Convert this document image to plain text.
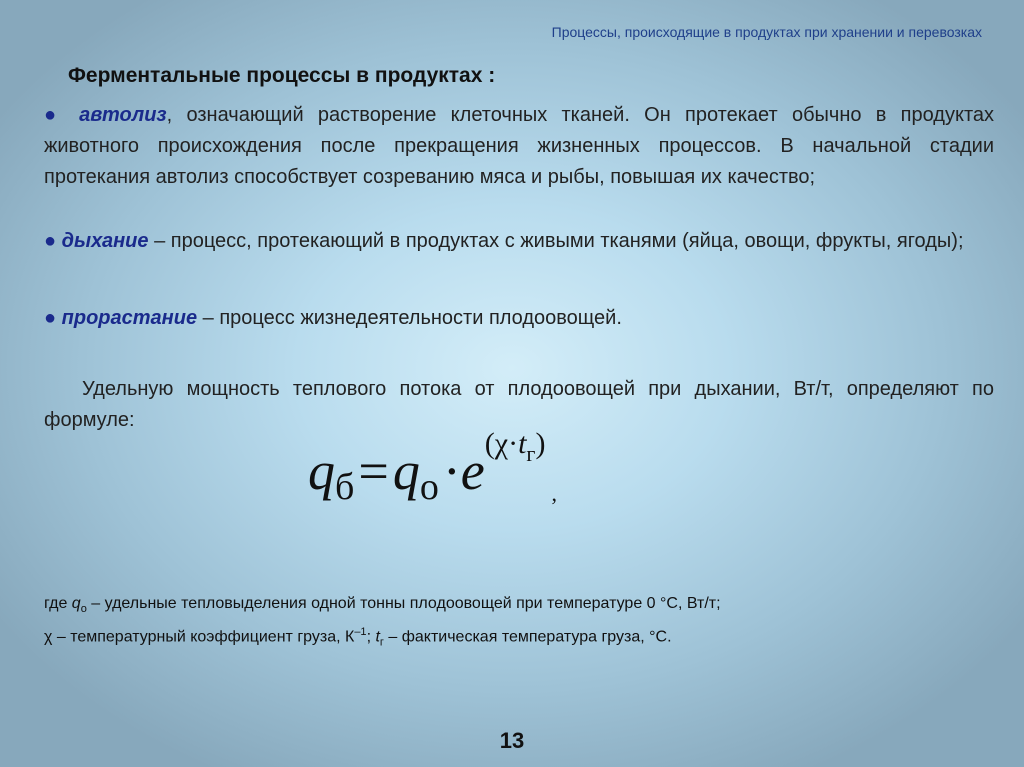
Процессы, происходящие в продуктах при хранении и перевозках
Ферментальные процессы в продуктах :
● автолиз, означающий растворение клеточных тканей. Он протекает обычно в продуктах животного происхождения после прекращения жизненных процессов. В начальной стадии протекания автолиз способствует созреванию мяса и рыбы, повышая их качество;
● дыхание – процесс, протекающий в продуктах с живыми тканями (яйца, овощи, фрукты, ягоды);
● прорастание – процесс жизнедеятельности плодоовощей.
Удельную мощность теплового потока от плодоовощей при дыхании, Вт/т, определяют по формуле:
qб = qо $\cdot e(\chi\cdot t_г)$,
где $q_о$ – удельные тепловыделения одной тонны плодоовощей при температуре 0 °С, Вт/т;
χ – температурный коэффициент груза, $К^{-1}$; $t_г$ – фактическая температура груза, °С.
13
